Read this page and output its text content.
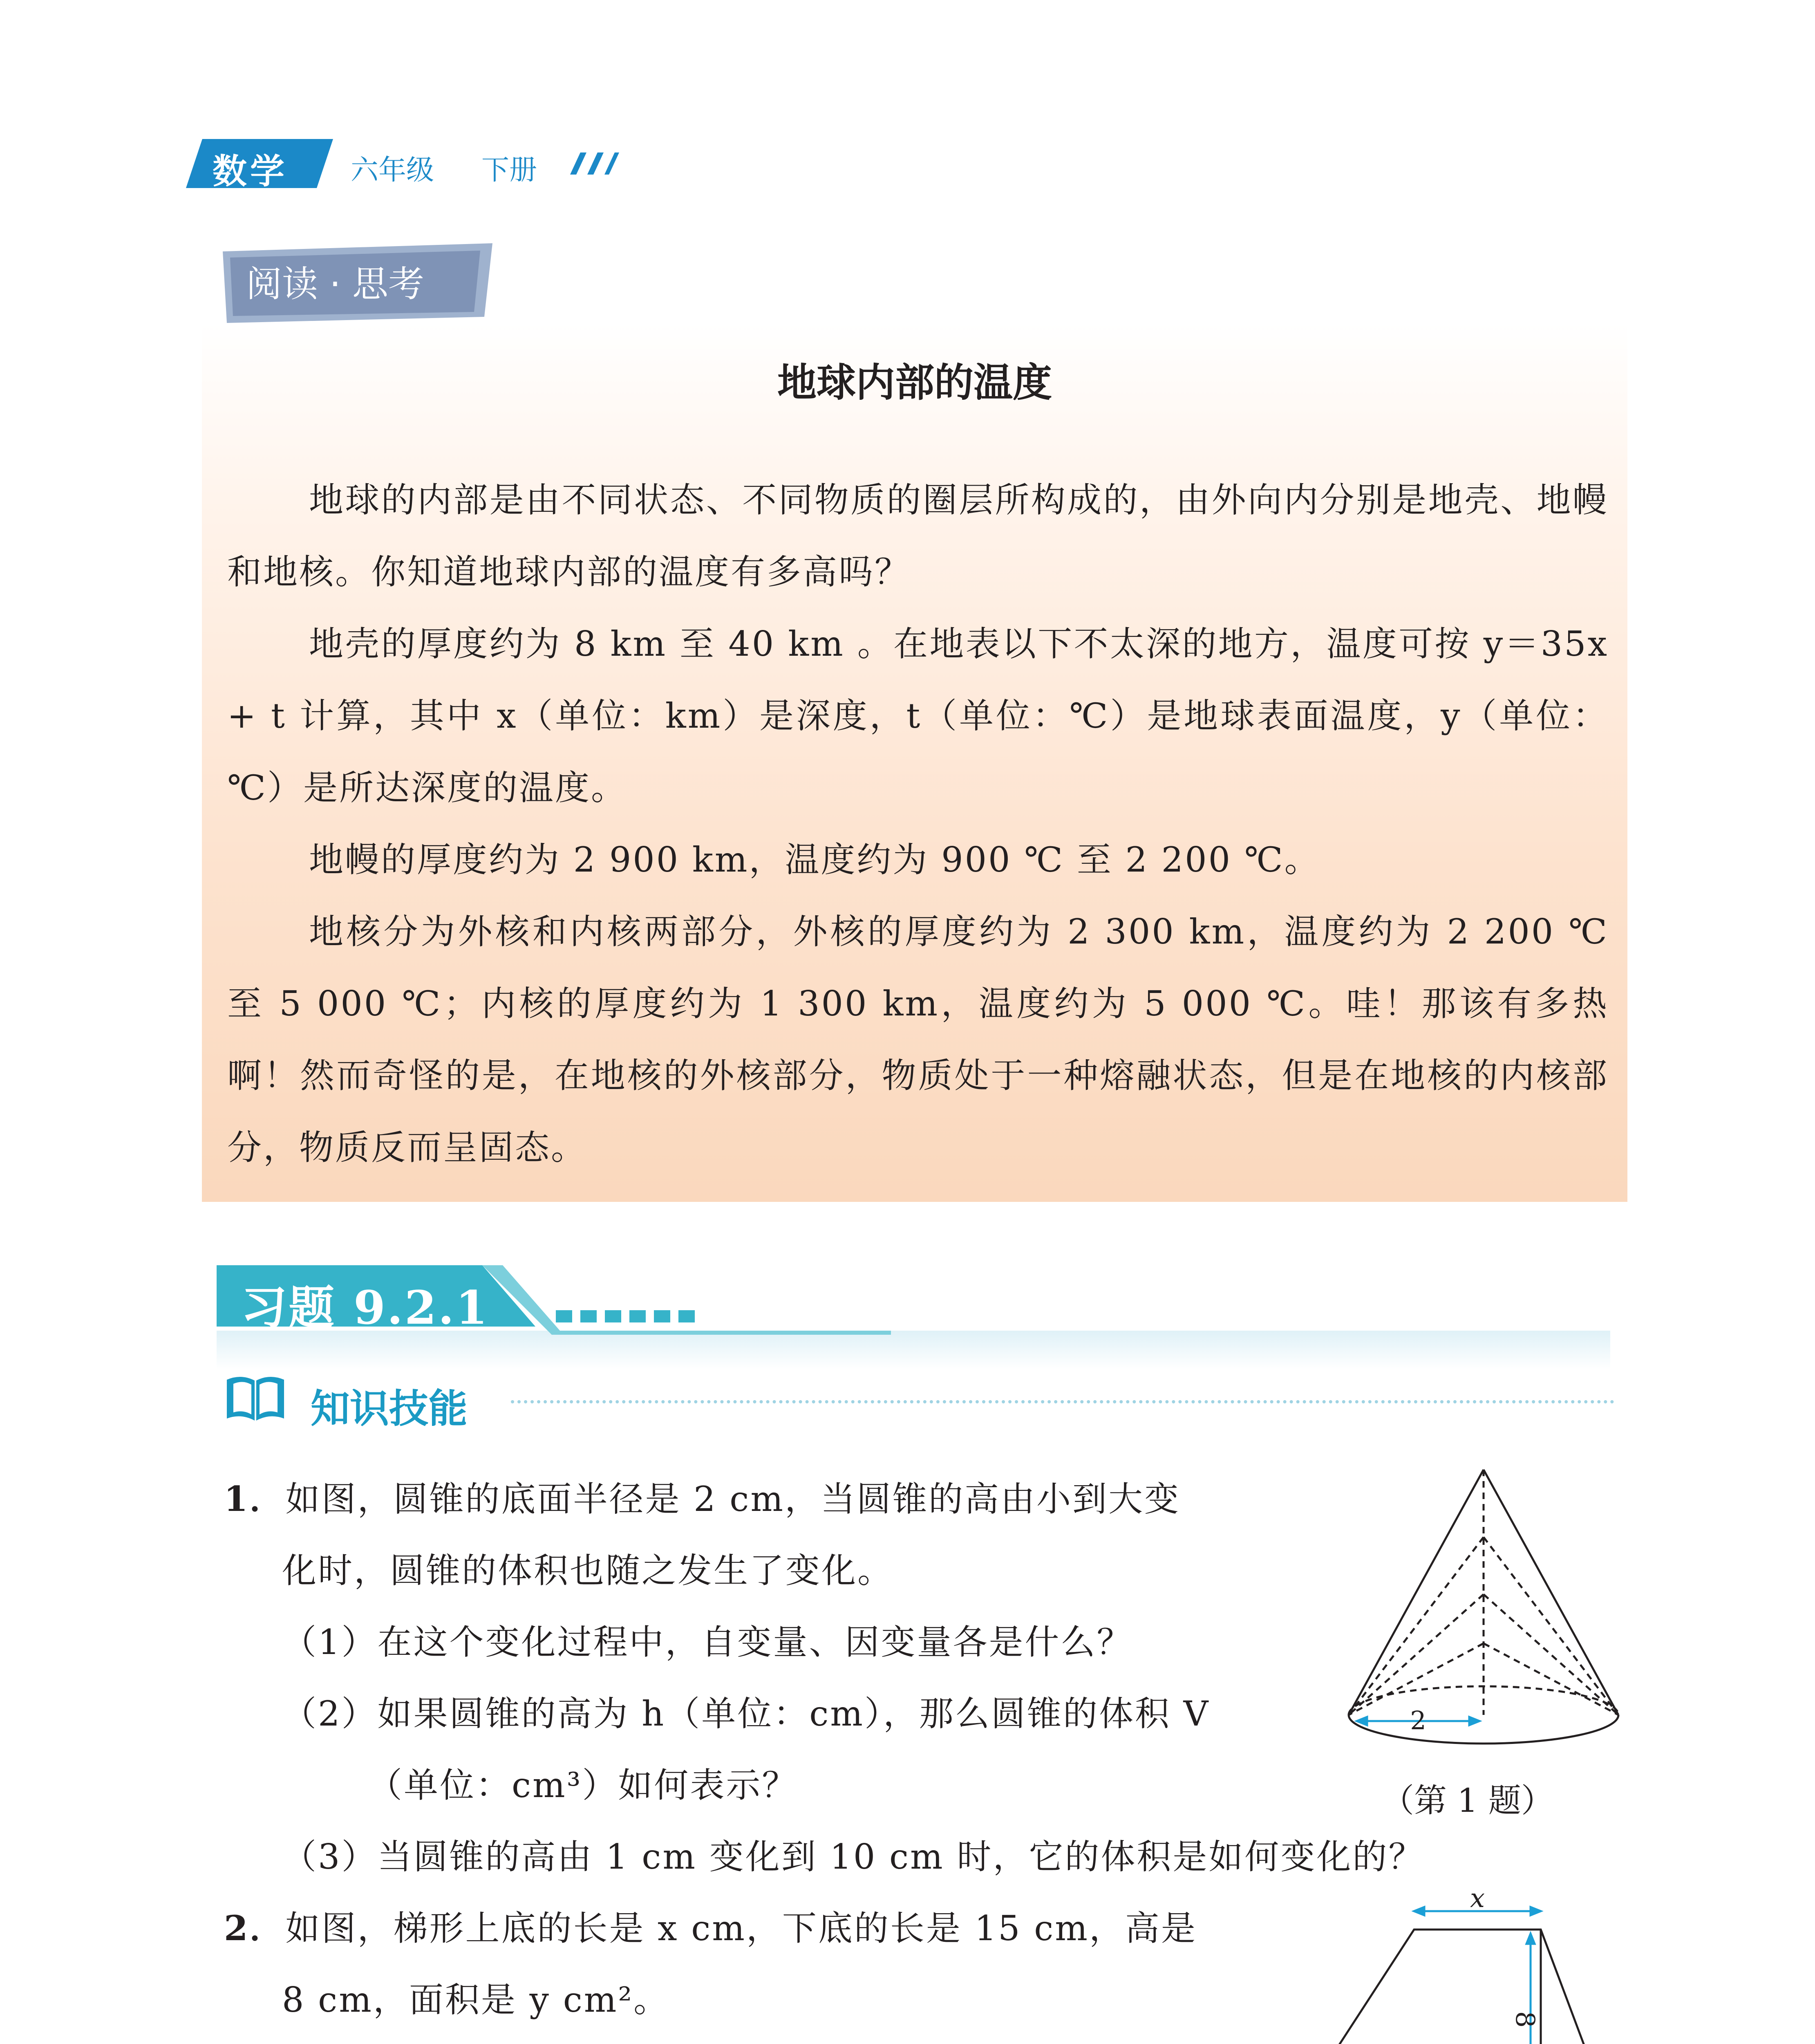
数学 六年级 下册
阅读 · 思考
地球内部的温度

地球的内部是由不同状态、不同物质的圈层所构成的，由外向内分别是地壳、地幔和地核。你知道地球内部的温度有多高吗？

地壳的厚度约为 8 km 至 40 km 。在地表以下不太深的地方，温度可按 y＝35x + t 计算，其中 x（单位：km）是深度，t（单位：℃）是地球表面温度，y（单位：℃）是所达深度的温度。

地幔的厚度约为 2 900 km，温度约为 900 ℃ 至 2 200 ℃。

地核分为外核和内核两部分，外核的厚度约为 2 300 km，温度约为 2 200 ℃ 至 5 000 ℃；内核的厚度约为 1 300 km，温度约为 5 000 ℃。哇！那该有多热啊！然而奇怪的是，在地核的外核部分，物质处于一种熔融状态，但是在地核的内核部分，物质反而呈固态。

习题 9.2.1
知识技能
1．如图，圆锥的底面半径是 2 cm，当圆锥的高由小到大变
化时，圆锥的体积也随之发生了变化。
（1）在这个变化过程中，自变量、因变量各是什么？
（2）如果圆锥的高为 h（单位：cm），那么圆锥的体积 V
（单位：cm³）如何表示？
（3）当圆锥的高由 1 cm 变化到 10 cm 时，它的体积是如何变化的？
2
（第 1 题）
2．如图，梯形上底的长是 x cm，下底的长是 15 cm，高是
8 cm，面积是 y cm²。
x
8
